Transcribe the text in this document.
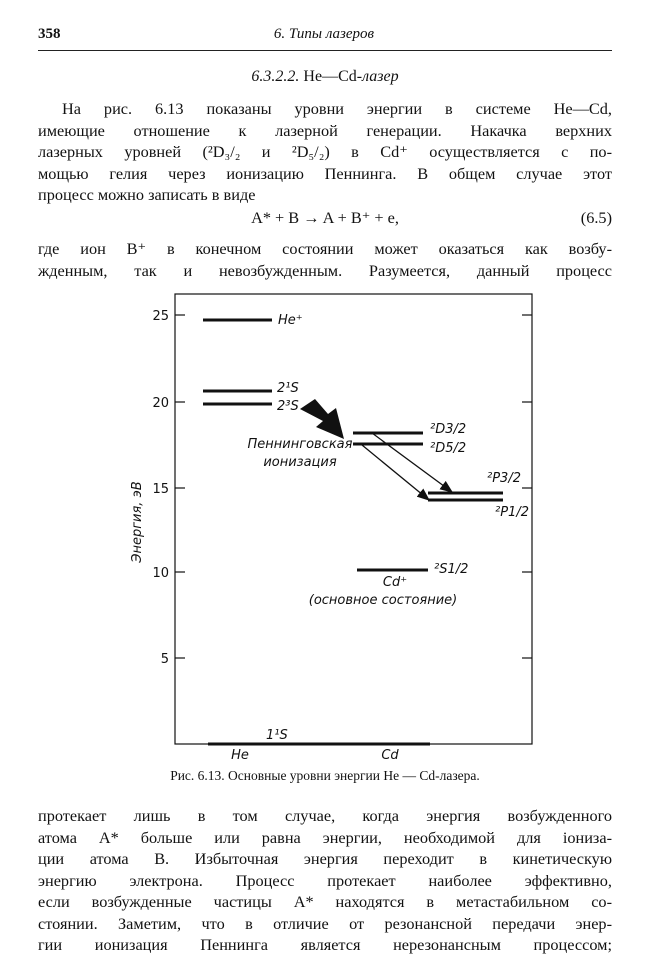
358	6. Типы лазеров
6.3.2.2. He—Cd-лазер
На рис. 6.13 показаны уровни энергии в системе He—Cd,
имеющие отношение к лазерной генерации. Накачка верхних
лазерных уровней (²D₃/₂ и ²D₅/₂) в Cd⁺ осуществляется с по-
мощью гелия через ионизацию Пеннинга. В общем случае этот
процесс можно записать в виде
A* + B → A + B⁺ + e,	(6.5)
где ион B⁺ в конечном состоянии может оказаться как возбу-
жденным, так и невозбужденным. Разумеется, данный процесс
25
20
15
10
5
Энергия, эВ
He⁺
2¹S
2³S
²D3/2
²D5/2
²P3/2
²P1/2
²S1/2
1¹S
Пеннинговская
ионизация
Cd⁺
(основное состояние)
He	Cd
Рис. 6.13. Основные уровни энергии He — Cd-лазера.
протекает лишь в том случае, когда энергия возбужденного
атома A* больше или равна энергии, необходимой для ioниза-
ции атома B. Избыточная энергия переходит в кинетическую
энергию электрона. Процесс протекает наиболее эффективно,
если возбужденные частицы A* находятся в метастабильном со-
стоянии. Заметим, что в отличие от резонансной передачи энер-
гии ионизация Пеннинга является нерезонансным процессом;
